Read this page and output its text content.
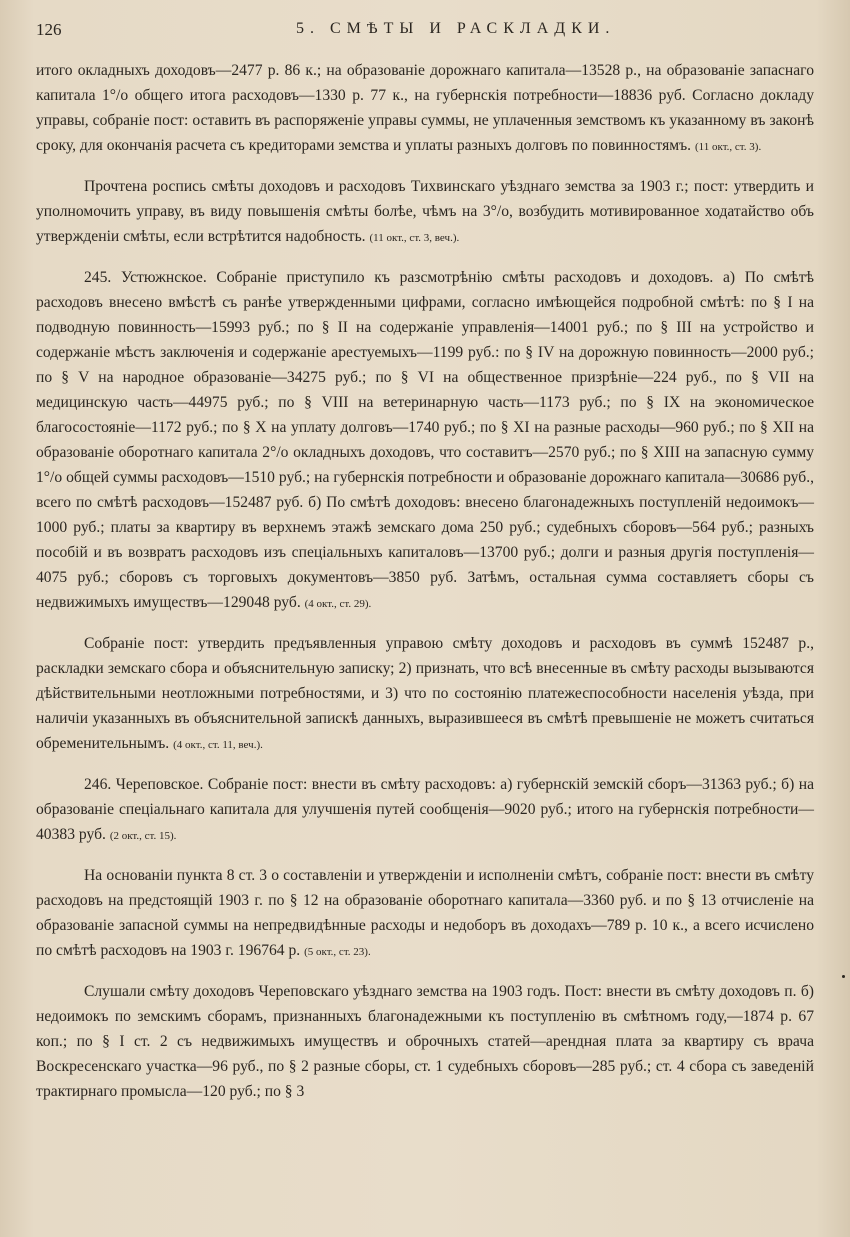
126	5. СМѢТЫ И РАСКЛАДКИ.

итого окладныхъ доходовъ—2477 р. 86 к.; на образованіе дорожнаго капитала—13528 р., на образованіе запаснаго капитала 1°/о общего итога расходовъ—1330 р. 77 к., на губернскія потребности—18836 руб. Согласно докладу управы, собраніе пост: оставить въ распоряженіе управы суммы, не уплаченныя земствомъ къ указанному въ законѣ сроку, для окончанія расчета съ кредиторами земства и уплаты разныхъ долговъ по повинностямъ. (11 окт., ст. 3).

Прочтена роспись смѣты доходовъ и расходовъ Тихвинскаго уѣзднаго земства за 1903 г.; пост: утвердить и уполномочить управу, въ виду повышенія смѣты болѣе, чѣмъ на 3°/о, возбудить мотивированное ходатайство объ утвержденіи смѣты, если встрѣтится надобность. (11 окт., ст. 3, веч.).

245. Устюжнское. Собраніе приступило къ разсмотрѣнію смѣты расходовъ и доходовъ. а) По смѣтѣ расходовъ внесено вмѣстѣ съ ранѣе утвержденными цифрами, согласно имѣющейся подробной смѣтѣ: по § I на подводную повинность—15993 руб.; по § II на содержаніе управленія—14001 руб.; по § III на устройство и содержаніе мѣстъ заключенія и содержаніе арестуемыхъ—1199 руб.: по § IV на дорожную повинность—2000 руб.; по § V на народное образованіе—34275 руб.; по § VI на общественное призрѣніе—224 руб., по § VII на медицинскую часть—44975 руб.; по § VIII на ветеринарную часть—1173 руб.; по § IX на экономическое благосостояніе—1172 руб.; по § X на уплату долговъ—1740 руб.; по § XI на разные расходы—960 руб.; по § XII на образованіе оборотнаго капитала 2°/о окладныхъ доходовъ, что составитъ—2570 руб.; по § XIII на запасную сумму 1°/о общей суммы расходовъ—1510 руб.; на губернскія потребности и образованіе дорожнаго капитала—30686 руб., всего по смѣтѣ расходовъ—152487 руб. б) По смѣтѣ доходовъ: внесено благонадежныхъ поступленій недоимокъ—1000 руб.; платы за квартиру въ верхнемъ этажѣ земскаго дома 250 руб.; судебныхъ сборовъ—564 руб.; разныхъ пособій и въ возвратъ расходовъ изъ спеціальныхъ капиталовъ—13700 руб.; долги и разныя другія поступленія—4075 руб.; сборовъ съ торговыхъ документовъ—3850 руб. Затѣмъ, остальная сумма составляетъ сборы съ недвижимыхъ имуществъ—129048 руб. (4 окт., ст. 29).

Собраніе пост: утвердить предъявленныя управою смѣту доходовъ и расходовъ въ суммѣ 152487 р., раскладки земскаго сбора и объяснительную записку; 2) признать, что всѣ внесенные въ смѣту расходы вызываются дѣйствительными неотложными потребностями, и 3) что по состоянію платежеспособности населенія уѣзда, при наличіи указанныхъ въ объяснительной запискѣ данныхъ, выразившееся въ смѣтѣ превышеніе не можетъ считаться обременительнымъ. (4 окт., ст. 11, веч.).

246. Череповское. Собраніе пост: внести въ смѣту расходовъ: а) губернскій земскій сборъ—31363 руб.; б) на образованіе спеціальнаго капитала для улучшенія путей сообщенія—9020 руб.; итого на губернскія потребности—40383 руб. (2 окт., ст. 15).

На основаніи пункта 8 ст. 3 о составленіи и утвержденіи и исполненіи смѣтъ, собраніе пост: внести въ смѣту расходовъ на предстоящій 1903 г. по § 12 на образованіе оборотнаго капитала—3360 руб. и по § 13 отчисленіе на образованіе запасной суммы на непредвидѣнные расходы и недоборъ въ доходахъ—789 р. 10 к., а всего исчислено по смѣтѣ расходовъ на 1903 г. 196764 р. (5 окт., ст. 23).

Слушали смѣту доходовъ Череповскаго уѣзднаго земства на 1903 годъ. Пост: внести въ смѣту доходовъ п. б) недоимокъ по земскимъ сборамъ, признанныхъ благонадежными къ поступленію въ смѣтномъ году,—1874 р. 67 коп.; по § I ст. 2 съ недвижимыхъ имуществъ и оброчныхъ статей—арендная плата за квартиру съ врача Воскресенскаго участка—96 руб., по § 2 разные сборы, ст. 1 судебныхъ сборовъ—285 руб.; ст. 4 сбора съ заведеній трактирнаго промысла—120 руб.; по § 3
